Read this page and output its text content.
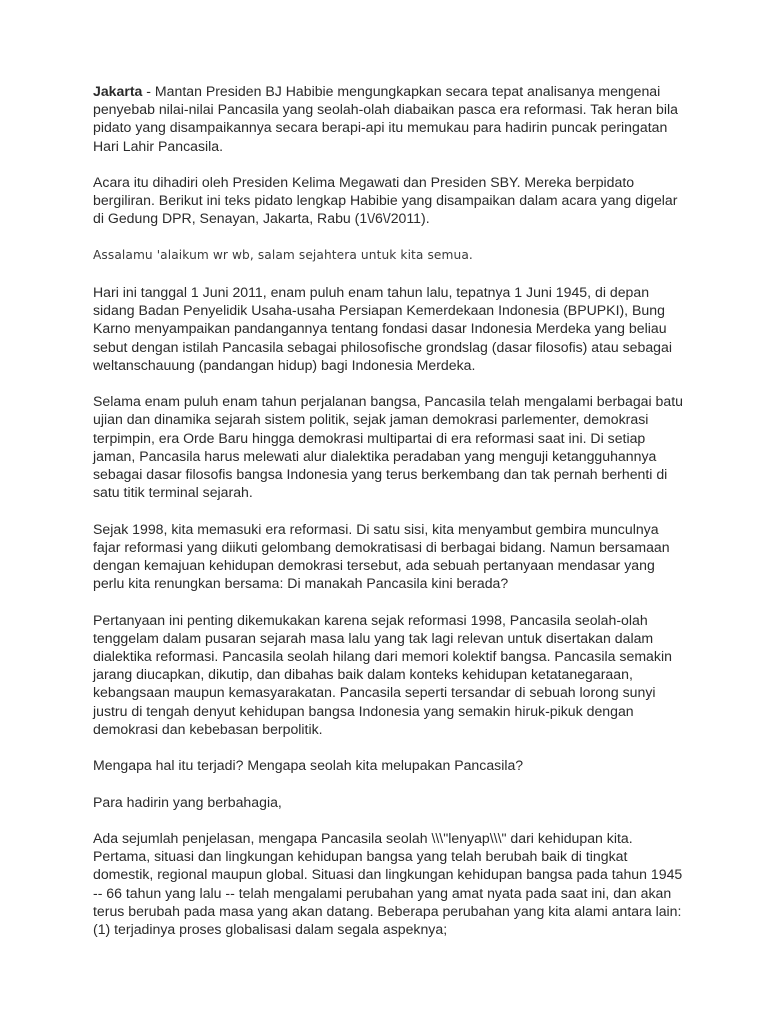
Jakarta - Mantan Presiden BJ Habibie mengungkapkan secara tepat analisanya mengenai penyebab nilai-nilai Pancasila yang seolah-olah diabaikan pasca era reformasi. Tak heran bila pidato yang disampaikannya secara berapi-api itu memukau para hadirin puncak peringatan Hari Lahir Pancasila.

Acara itu dihadiri oleh Presiden Kelima Megawati dan Presiden SBY. Mereka berpidato bergiliran. Berikut ini teks pidato lengkap Habibie yang disampaikan dalam acara yang digelar di Gedung DPR, Senayan, Jakarta, Rabu (1\/6\/2011).

Assalamu 'alaikum wr wb, salam sejahtera untuk kita semua.

Hari ini tanggal 1 Juni 2011, enam puluh enam tahun lalu, tepatnya 1 Juni 1945, di depan sidang Badan Penyelidik Usaha-usaha Persiapan Kemerdekaan Indonesia (BPUPKI), Bung Karno menyampaikan pandangannya tentang fondasi dasar Indonesia Merdeka yang beliau sebut dengan istilah Pancasila sebagai philosofische grondslag (dasar filosofis) atau sebagai weltanschauung (pandangan hidup) bagi Indonesia Merdeka.

Selama enam puluh enam tahun perjalanan bangsa, Pancasila telah mengalami berbagai batu ujian dan dinamika sejarah sistem politik, sejak jaman demokrasi parlementer, demokrasi terpimpin, era Orde Baru hingga demokrasi multipartai di era reformasi saat ini. Di setiap jaman, Pancasila harus melewati alur dialektika peradaban yang menguji ketangguhannya sebagai dasar filosofis bangsa Indonesia yang terus berkembang dan tak pernah berhenti di satu titik terminal sejarah.

Sejak 1998, kita memasuki era reformasi. Di satu sisi, kita menyambut gembira munculnya fajar reformasi yang diikuti gelombang demokratisasi di berbagai bidang. Namun bersamaan dengan kemajuan kehidupan demokrasi tersebut, ada sebuah pertanyaan mendasar yang perlu kita renungkan bersama: Di manakah Pancasila kini berada?

Pertanyaan ini penting dikemukakan karena sejak reformasi 1998, Pancasila seolah-olah tenggelam dalam pusaran sejarah masa lalu yang tak lagi relevan untuk disertakan dalam dialektika reformasi. Pancasila seolah hilang dari memori kolektif bangsa. Pancasila semakin jarang diucapkan, dikutip, dan dibahas baik dalam konteks kehidupan ketatanegaraan, kebangsaan maupun kemasyarakatan. Pancasila seperti tersandar di sebuah lorong sunyi justru di tengah denyut kehidupan bangsa Indonesia yang semakin hiruk-pikuk dengan demokrasi dan kebebasan berpolitik.

Mengapa hal itu terjadi? Mengapa seolah kita melupakan Pancasila?

Para hadirin yang berbahagia,

Ada sejumlah penjelasan, mengapa Pancasila seolah \\\"lenyap\\\" dari kehidupan kita. Pertama, situasi dan lingkungan kehidupan bangsa yang telah berubah baik di tingkat domestik, regional maupun global. Situasi dan lingkungan kehidupan bangsa pada tahun 1945 -- 66 tahun yang lalu -- telah mengalami perubahan yang amat nyata pada saat ini, dan akan terus berubah pada masa yang akan datang. Beberapa perubahan yang kita alami antara lain:

(1) terjadinya proses globalisasi dalam segala aspeknya;
